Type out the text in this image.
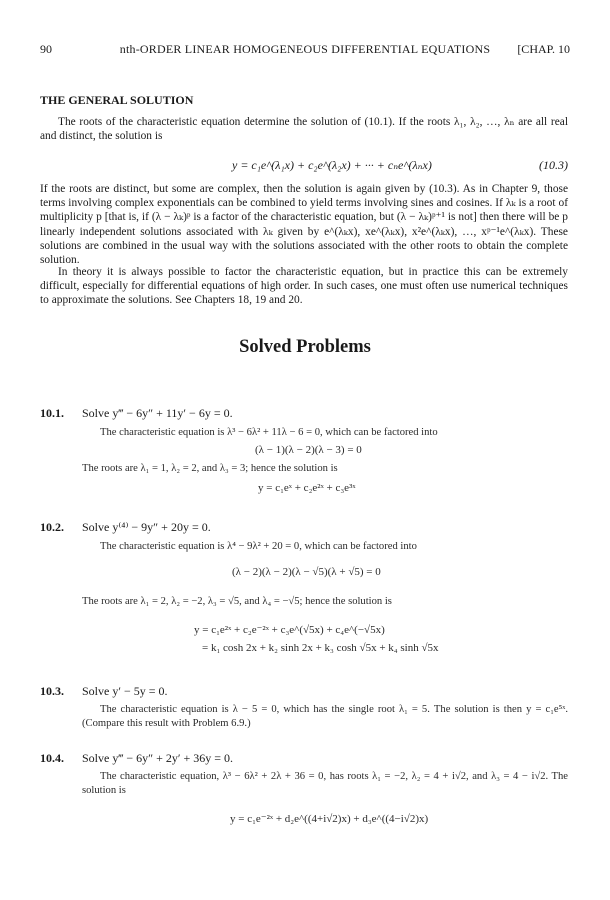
90	nth-ORDER LINEAR HOMOGENEOUS DIFFERENTIAL EQUATIONS	[CHAP. 10
THE GENERAL SOLUTION
The roots of the characteristic equation determine the solution of (10.1). If the roots λ₁, λ₂, …, λₙ are all real and distinct, the solution is
y = c₁e^(λ₁x) + c₂e^(λ₂x) + ··· + cₙe^(λₙx)	(10.3)
If the roots are distinct, but some are complex, then the solution is again given by (10.3). As in Chapter 9, those terms involving complex exponentials can be combined to yield terms involving sines and cosines. If λₖ is a root of multiplicity p [that is, if (λ − λₖ)ᵖ is a factor of the characteristic equation, but (λ − λₖ)ᵖ⁺¹ is not] then there will be p linearly independent solutions associated with λₖ given by e^(λₖx), xe^(λₖx), x²e^(λₖx), …, xᵖ⁻¹e^(λₖx). These solutions are combined in the usual way with the solutions associated with the other roots to obtain the complete solution.
In theory it is always possible to factor the characteristic equation, but in practice this can be extremely difficult, especially for differential equations of high order. In such cases, one must often use numerical techniques to approximate the solutions. See Chapters 18, 19 and 20.
Solved Problems
10.1. Solve y‴ − 6y″ + 11y′ − 6y = 0.
The characteristic equation is λ³ − 6λ² + 11λ − 6 = 0, which can be factored into
(λ − 1)(λ − 2)(λ − 3) = 0
The roots are λ₁ = 1, λ₂ = 2, and λ₃ = 3; hence the solution is
y = c₁eˣ + c₂e²ˣ + c₃e³ˣ
10.2. Solve y⁽⁴⁾ − 9y″ + 20y = 0.
The characteristic equation is λ⁴ − 9λ² + 20 = 0, which can be factored into
(λ − 2)(λ − 2)(λ − √5)(λ + √5) = 0
The roots are λ₁ = 2, λ₂ = −2, λ₃ = √5, and λ₄ = −√5; hence the solution is
y = c₁e²ˣ + c₂e⁻²ˣ + c₃e^(√5x) + c₄e^(−√5x)
= k₁ cosh 2x + k₂ sinh 2x + k₃ cosh √5x + k₄ sinh √5x
10.3. Solve y′ − 5y = 0.
The characteristic equation is λ − 5 = 0, which has the single root λ₁ = 5. The solution is then y = c₁e⁵ˣ. (Compare this result with Problem 6.9.)
10.4. Solve y‴ − 6y″ + 2y′ + 36y = 0.
The characteristic equation, λ³ − 6λ² + 2λ + 36 = 0, has roots λ₁ = −2, λ₂ = 4 + i√2, and λ₃ = 4 − i√2. The solution is
y = c₁e⁻²ˣ + d₂e^((4+i√2)x) + d₃e^((4−i√2)x)
